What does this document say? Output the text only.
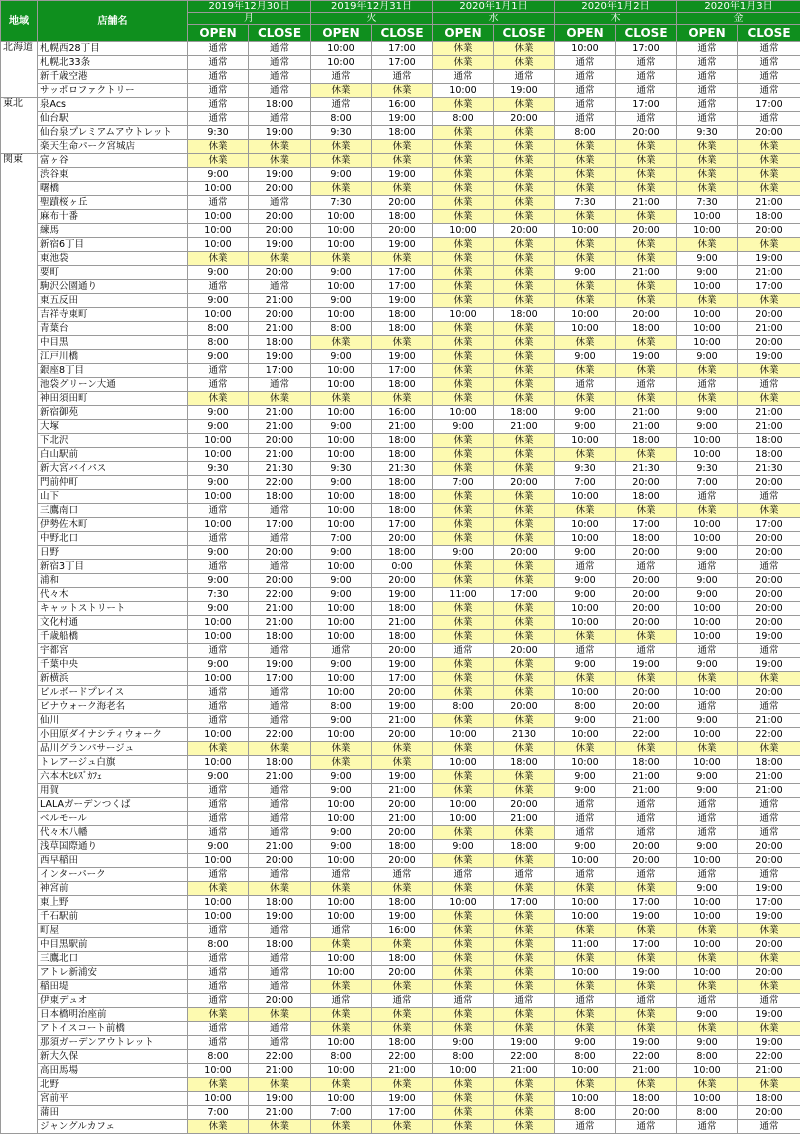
地域	店舗名	2019年12月30日		2019年12月31日		2020年1月1日		2020年1月2日		2020年1月3日	
		月		火		水		木		金	
		OPEN	CLOSE	OPEN	CLOSE	OPEN	CLOSE	OPEN	CLOSE	OPEN	CLOSE
北海道	札幌西28丁目	通常	通常	10:00	17:00	休業	休業	10:00	17:00	通常	通常
	札幌北33条	通常	通常	10:00	17:00	休業	休業	通常	通常	通常	通常
	新千歳空港	通常	通常	通常	通常	通常	通常	通常	通常	通常	通常
	サッポロファクトリー	通常	通常	休業	休業	10:00	19:00	通常	通常	通常	通常
東北	泉Acs	通常	18:00	通常	16:00	休業	休業	通常	17:00	通常	17:00
	仙台駅	通常	通常	8:00	19:00	8:00	20:00	通常	通常	通常	通常
	仙台泉プレミアムアウトレット	9:30	19:00	9:30	18:00	休業	休業	8:00	20:00	9:30	20:00
	楽天生命パーク宮城店	休業	休業	休業	休業	休業	休業	休業	休業	休業	休業
関東	富ヶ谷	休業	休業	休業	休業	休業	休業	休業	休業	休業	休業
	渋谷東	9:00	19:00	9:00	19:00	休業	休業	休業	休業	休業	休業
	曙橋	10:00	20:00	休業	休業	休業	休業	休業	休業	休業	休業
	聖蹟桜ヶ丘	通常	通常	7:30	20:00	休業	休業	7:30	21:00	7:30	21:00
	麻布十番	10:00	20:00	10:00	18:00	休業	休業	休業	休業	10:00	18:00
	練馬	10:00	20:00	10:00	20:00	10:00	20:00	10:00	20:00	10:00	20:00
	新宿6丁目	10:00	19:00	10:00	19:00	休業	休業	休業	休業	休業	休業
	東池袋	休業	休業	休業	休業	休業	休業	休業	休業	9:00	19:00
	要町	9:00	20:00	9:00	17:00	休業	休業	9:00	21:00	9:00	21:00
	駒沢公園通り	通常	通常	10:00	17:00	休業	休業	休業	休業	10:00	17:00
	東五反田	9:00	21:00	9:00	19:00	休業	休業	休業	休業	休業	休業
	吉祥寺東町	10:00	20:00	10:00	18:00	10:00	18:00	10:00	20:00	10:00	20:00
	青葉台	8:00	21:00	8:00	18:00	休業	休業	10:00	18:00	10:00	21:00
	中目黒	8:00	18:00	休業	休業	休業	休業	休業	休業	10:00	20:00
	江戸川橋	9:00	19:00	9:00	19:00	休業	休業	9:00	19:00	9:00	19:00
	銀座8丁目	通常	17:00	10:00	17:00	休業	休業	休業	休業	休業	休業
	池袋グリーン大通	通常	通常	10:00	18:00	休業	休業	通常	通常	通常	通常
	神田須田町	休業	休業	休業	休業	休業	休業	休業	休業	休業	休業
	新宿御苑	9:00	21:00	10:00	16:00	10:00	18:00	9:00	21:00	9:00	21:00
	大塚	9:00	21:00	9:00	21:00	9:00	21:00	9:00	21:00	9:00	21:00
	下北沢	10:00	20:00	10:00	18:00	休業	休業	10:00	18:00	10:00	18:00
	白山駅前	10:00	21:00	10:00	18:00	休業	休業	休業	休業	10:00	18:00
	新大宮バイパス	9:30	21:30	9:30	21:30	休業	休業	9:30	21:30	9:30	21:30
	門前仲町	9:00	22:00	9:00	18:00	7:00	20:00	7:00	20:00	7:00	20:00
	山下	10:00	18:00	10:00	18:00	休業	休業	10:00	18:00	通常	通常
	三鷹南口	通常	通常	10:00	18:00	休業	休業	休業	休業	休業	休業
	伊勢佐木町	10:00	17:00	10:00	17:00	休業	休業	10:00	17:00	10:00	17:00
	中野北口	通常	通常	7:00	20:00	休業	休業	10:00	18:00	10:00	20:00
	日野	9:00	20:00	9:00	18:00	9:00	20:00	9:00	20:00	9:00	20:00
	新宿3丁目	通常	通常	10:00	0:00	休業	休業	通常	通常	通常	通常
	浦和	9:00	20:00	9:00	20:00	休業	休業	9:00	20:00	9:00	20:00
	代々木	7:30	22:00	9:00	19:00	11:00	17:00	9:00	20:00	9:00	20:00
	キャットストリート	9:00	21:00	10:00	18:00	休業	休業	10:00	20:00	10:00	20:00
	文化村通	10:00	21:00	10:00	21:00	休業	休業	10:00	20:00	10:00	20:00
	千歳船橋	10:00	18:00	10:00	18:00	休業	休業	休業	休業	10:00	19:00
	宇都宮	通常	通常	通常	20:00	通常	20:00	通常	通常	通常	通常
	千葉中央	9:00	19:00	9:00	19:00	休業	休業	9:00	19:00	9:00	19:00
	新横浜	10:00	17:00	10:00	17:00	休業	休業	休業	休業	休業	休業
	ビルボードプレイス	通常	通常	10:00	20:00	休業	休業	10:00	20:00	10:00	20:00
	ビナウォーク海老名	通常	通常	8:00	19:00	8:00	20:00	8:00	20:00	通常	通常
	仙川	通常	通常	9:00	21:00	休業	休業	9:00	21:00	9:00	21:00
	小田原ダイナシティウォーク	10:00	22:00	10:00	20:00	10:00	2130	10:00	22:00	10:00	22:00
	品川グランパサージュ	休業	休業	休業	休業	休業	休業	休業	休業	休業	休業
	トレアージュ白旗	10:00	18:00	休業	休業	10:00	18:00	10:00	18:00	10:00	18:00
	六本木ﾋﾙｽﾞｶﾌｪ	9:00	21:00	9:00	19:00	休業	休業	9:00	21:00	9:00	21:00
	用賀	通常	通常	9:00	21:00	休業	休業	9:00	21:00	9:00	21:00
	LALAガーデンつくば	通常	通常	10:00	20:00	10:00	20:00	通常	通常	通常	通常
	ベルモール	通常	通常	10:00	21:00	10:00	21:00	通常	通常	通常	通常
	代々木八幡	通常	通常	9:00	20:00	休業	休業	通常	通常	通常	通常
	浅草国際通り	9:00	21:00	9:00	18:00	9:00	18:00	9:00	20:00	9:00	20:00
	西早稲田	10:00	20:00	10:00	20:00	休業	休業	10:00	20:00	10:00	20:00
	インターパーク	通常	通常	通常	通常	通常	通常	通常	通常	通常	通常
	神宮前	休業	休業	休業	休業	休業	休業	休業	休業	9:00	19:00
	東上野	10:00	18:00	10:00	18:00	10:00	17:00	10:00	17:00	10:00	17:00
	千石駅前	10:00	19:00	10:00	19:00	休業	休業	10:00	19:00	10:00	19:00
	町屋	通常	通常	通常	16:00	休業	休業	休業	休業	休業	休業
	中目黒駅前	8:00	18:00	休業	休業	休業	休業	11:00	17:00	10:00	20:00
	三鷹北口	通常	通常	10:00	18:00	休業	休業	休業	休業	休業	休業
	アトレ新浦安	通常	通常	10:00	20:00	休業	休業	10:00	19:00	10:00	20:00
	稲田堤	通常	通常	休業	休業	休業	休業	休業	休業	休業	休業
	伊東デュオ	通常	20:00	通常	通常	通常	通常	通常	通常	通常	通常
	日本橋明治座前	休業	休業	休業	休業	休業	休業	休業	休業	9:00	19:00
	アトイスコート前橋	通常	通常	休業	休業	休業	休業	休業	休業	休業	休業
	那須ガーデンアウトレット	通常	通常	10:00	18:00	9:00	19:00	9:00	19:00	9:00	19:00
	新大久保	8:00	22:00	8:00	22:00	8:00	22:00	8:00	22:00	8:00	22:00
	高田馬場	10:00	21:00	10:00	21:00	10:00	21:00	10:00	21:00	10:00	21:00
	北野	休業	休業	休業	休業	休業	休業	休業	休業	休業	休業
	宮前平	10:00	19:00	10:00	19:00	休業	休業	10:00	18:00	10:00	18:00
	蒲田	7:00	21:00	7:00	17:00	休業	休業	8:00	20:00	8:00	20:00
	ジャングルカフェ	休業	休業	休業	休業	休業	休業	通常	通常	通常	通常
